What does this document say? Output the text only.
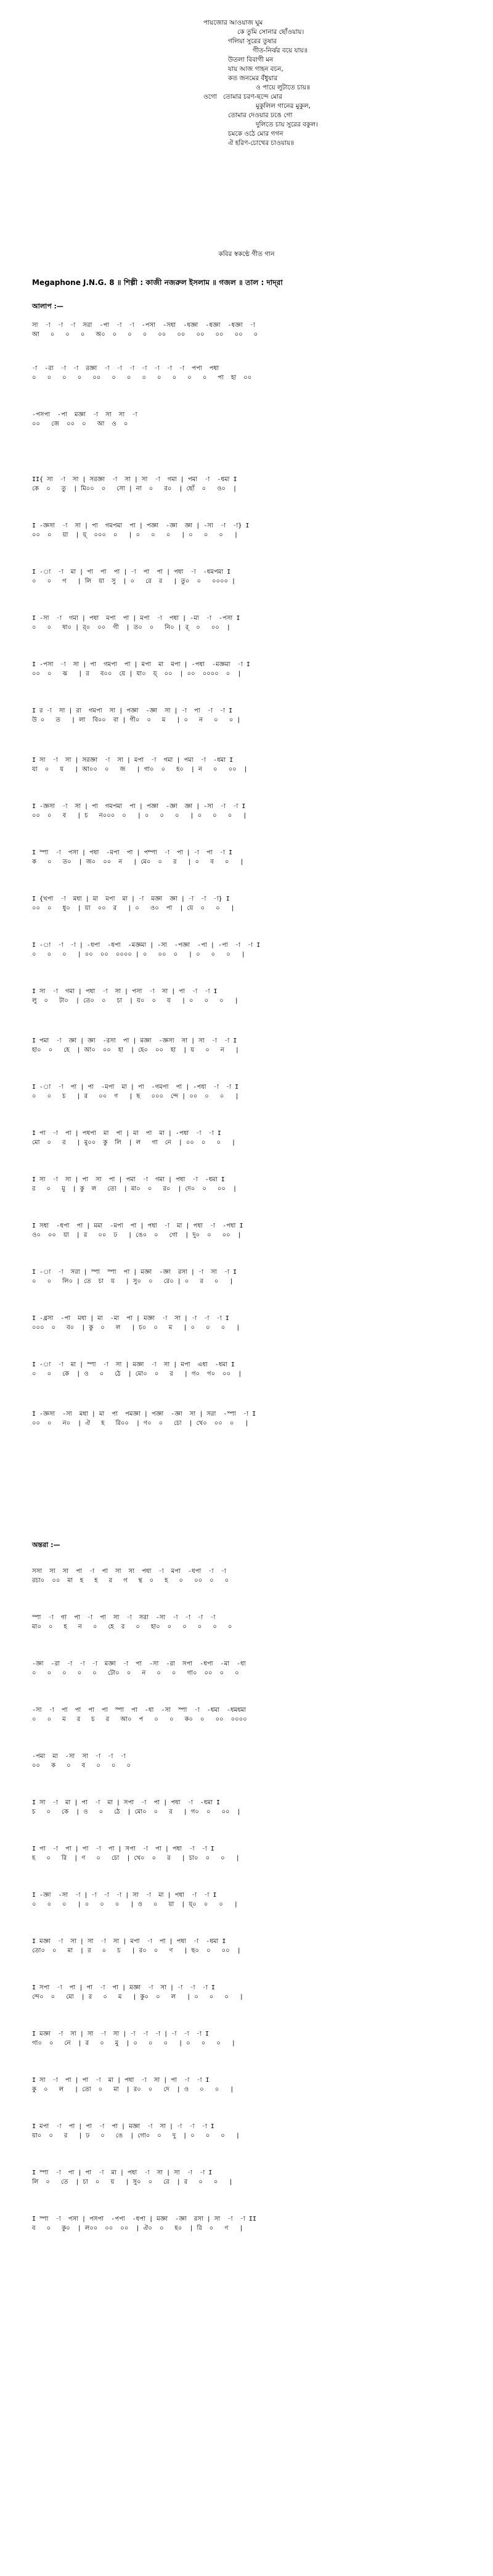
পায়জাের আওয়াজ ঘুম
কে তুমি সোনার ছোঁওয়ায়।
গলিয়া সুরের তুষার
গীত-নির্ঝর বয়ে যায়॥
উতলা বিবাগী মন
যায় আজ গাহন বচন,
কত জনমের বঁধুয়ার
ও পায়ে লুটাতে চায়॥
ওগো   তোমার চরণ-ছন্দে মোর
মুকুলিল গানের মুকুল,
তোমার দেওয়ার ঢঙে গো
দুলিতে চায় সুরের বকুল।
চমকে ওঠে মোর গগন
ঐ হরিণ-চোখের চাওয়ায়॥
কবির স্বকণ্ঠে গীত গান
Megaphone J.N.G. 8 ॥ শিল্পী : কাজী নজরুল ইসলাম ॥ গজল ॥ তাল : দাদ্‌রা
আলাপ :—
অন্তরা :—
সা  -া  -া  -া  সরা  -পা  -া  -া  -পসা  -সধা  -ধজ্ঞা  -ধজ্ঞা  -ধজ্ঞা  -া
আ   ০   ০   ০   অ০  ০   ০   ০   ০০   ০০   ০০   ০০   ০০   ০
-া  -রা  -া  -া  রজ্ঞা  -া  -া  -া  -া  -া  -া  -া  পপা  পধা
০   ০   ০   ০   ০০   ০   ০   ০   ০   ০   ০   ০   পা  হা  ০০
-পসপা  -পা  মজ্ঞা  -া  সা  সা  -া
০০   জে  ০০  ০   আ  ও  ০
II{ সা  -া  সা | সরজ্ঞা  -া  সা | সা  -া  গমা | পমা  -া  -ধমা I
কে  ০   তু  | মি০০  ০   সো | না  ০   র০  | ছোঁ  ০   ও০  |
I -জ্ঞসা  -া  সা | পা  গমপমা  পা | পজ্ঞা  -জ্ঞা  জ্ঞা | -সা  -া  -া} I
০০  ০   য়া  | য়্  ০০০  ০   | ০   ০   ০   | ০   ০   ০   |
I -া  -া  মা | পা  পা  পা | -া  পা  পা | পধা  -া  -ধমপমা I
০   ০   গ   | লি  য়া  সু  | ০   রে  র   | তু০  ০   ০০০০ |
I -সা  -া  গমা | পধা  মপা  পা | মপা  -া  পধা | -মা  -া  -পসা I
০   ০   ষা০ | র্০  ০০  গী  | ত০  ০   নি০ | র্  ০   ০০  |
I -পসা  -া  সা | পা  গমপা  পা | মপা  মা  মপা | -পধা  -মজ্ঞমা  -া I
০০  ০   ঝ   | র   ব০০  য়ে | যা০  য়্  ০০  | ০০  ০০০০  ০  |
I র -া  সা | রা  গমপা  সা | পজ্ঞা  -জ্ঞা  সা | -া  পা  -া  -া I
উ ০   ত   | লা  বি০০  বা | গী০  ০   ম   | ০   ন   ০   ০ |
I সা  -া  সা | সরজ্ঞা  -া  সা | মপা  -া  গমা | পমা  -া  -ধমা I
যা  ০   য়   | আ০০  ০   জ   | গা০  ০   হ০  | ন   ০   ০০  |
I -জ্ঞসা  -া  সা | পা  গমপমা  পা | পজ্ঞা  -জ্ঞা  জ্ঞা | -সা  -া  -া I
০০  ০   ব   | চ   ন০০০  ০   | ০   ০   ০   | ০   ০   ০   |
I স্পা  -া  পসা | পধা  -মপা  পা | পম্পা  -া  পা | -া  পা  -া I
ক   ০   ত০  | জ০  ০০  ন   | মে০  ০   র   | ০   ব   ০   |
I {খপা  -া  মধা | মা  মপা  মা | -া  মজ্ঞা  জ্ঞা | -া  -া  -া} I
০০  ০   ধু০  | য়া  ০০  র   | ০   ও০  পা  | য়ে  ০   ০   |
I -া  -া  -া | -ধপা  -ধপা  -মজ্ঞমা | -সা  -পজ্ঞা  -পা | -পা  -া  -া I
০   ০   ০   | ০০  ০০  ০০০০ | ০   ০০  ০   | ০   ০   ০   |
I সা  -া  গমা | পধা  -া  সা | পসা  -া  সা | পা  -া  -া I
লু  ০   টা০  | তে০  ০   চা  | য়০  ০   য়   | ০   ০   ০   |
I পমা  -া  জ্ঞা | জ্ঞা  -রসা  পা | মজ্ঞা  -জ্ঞসা  সা | সা  -া  -া I
হা০  ০   হে  | আ০  ০০  হা  | হে০  ০০  হা  | য়   ০   ন   |
I -া  -া  পা | পা  -মপা  মা | পা  -গমপা  পা | -পধা  -া  -া I
০   ০   চ   | র   ০০  ণ   | ছ   ০০০  ন্দে | ০০  ০   ০   |
I পা  -া  পা | পধপা  মা  পা | মা  পা  মা | -পধা  -া  -া I
মো  ০   র   | মু০০  কু  লি  | ল   গা  নে  | ০০  ০   ০   |
I সা  -া  সা | পা  সা  পা | পমা  -া  গমা | পধা  -া  -ধমা I
র   ০   মু  | কু  ল   তো  | মা০  ০   র০  | দে০  ০   ০০  |
I সধা  -ধপা  পা | মমা  -মপা  পা | পধা  -া  মা | পধা  -া  -পধা I
ও০  ০০  য়া  | র   ০০  ঢ   | ঙে০  ০   গো  | দু০  ০   ০০  |
I -া  -া  সরা | স্পা  স্পা  পা | মজ্ঞা  -জ্ঞা  রসা | -া  সা  -া I
০   ০   লি০ | তে  চা  য়   | সু০  ০   রে০ | ০   র   ০   |
I -ধ্রসা  -পা  মধা | মা  -মা  পা | মজ্ঞা  -া  সা | -া  -া  -া I
০০০  ০   ব০  | কু  ০   ল   | চ০  ০   ম   | ০   ০   ০   |
I -া  -া  মা | স্পা  -া  সা | মজ্ঞা  -া  সা | মপা  এধা  -ধমা I
০   ০   কে  | ও   ০   ঠে  | মো০  ০   র   | গ০  গ০  ০০  |
I -জ্ঞসা  -সা  মধা | মা  পা  পমজ্ঞা | পজ্ঞা  -জ্ঞা  সা | সরা  -স্পা  -া I
০০  ০   ন০  | ঐ   হ   রি০০  | ণ০  ০   চো  | খে০  ০০  ০   |
সসা  সা  সা  পা  -া  পা  সা  সা  পধা  -া  মপা  -ধপা  -া  -া
রচা০  ০০  মা  হ   হ   র   গ   ন্থ  ০   হ   ০   ০০  ০   ০
স্পা  -া  গা  পা  -া  পা  সা  -া  সরা  -সা  -া  -া  -া  -া
মা০  ০   হ   ন   ০   হে  র   ০   হা০  ০   ০   ০   ০   ০
-জ্ঞা  -রা  -া  -া  -া  মজ্ঞা  -া  পা  -সা  -রা  সপা  -ধপা  -মা  -ধা
০   ০   ০   ০   ০   টো০  ০   ন   ০   ০   গা০  ০০  ০   ০
-সা  -া  পা  পা  পা  পা  স্পা  পা  -ধা  -সা  স্পা  -া  -ধমা  -ধমধমা
০   ০   ম   র   চ   র   আ০  প   ০   ০   ক০  ০   ০০  ০০০০
-পমা  মা  -সা  সা  -া  -া  -া
০০   ক   ০   ব   ০   ০   ০
I সা  -া  মা | পা  -া  মা | সপা  -া  পা | পধা  -া  -ধমা I
চ   ০   কে  | ও   ০   ঠে  | মো০  ০   র   | গ০  ০   ০০  |
I পা  -া  পা | পা  -া  পা | সপা  -া  পা | পধা  -া  -া I
হ   ০   রি  | ণ   ০   চো  | খে০  ০   র   | চা০  ০   ০   |
I -জ্ঞা  -সা  -া | -া  -া  -া | সা  -া  মা | পধা  -া  -া I
০   ০   ০   | ০   ০   ০   | ও   ০   য়া  | য়্০  ০   ০   |
I মজ্ঞা  -া  সা | সা  -া  সা | মপা  -া  পা | পধা  -া  -ধমা I
তো০  ০   মা  | র   ০   চ   | র০  ০   ণ   | ছ০  ০   ০০  |
I সপা  -া  পা | পা  -া  পা | মজ্ঞা  -া  সা | -া  -া  -া I
ন্দে০  ০   মো  | র   ০   ম   | কু০  ০   ল   | ০   ০   ০   |
I মজ্ঞা  -া  সা | সা  -া  সা | -া  -া  -া | -া  -া  -া I
গা০  ০   নে  | র   ০   মু  | ০   ০   ০   | ০   ০   ০   |
I সা  -া  পা | পা  -া  মা | পধা  -া  সা | পা  -া  -া I
কু  ০   ল   | তো  ০   মা  | র০  ০   দে  | ও   ০   ০   |
I মপা  -া  পা | পা  -া  পা | মজ্ঞা  -া  সা | -া  -া  -া I
য়া০  ০   র   | ঢ   ০   ঙে  | গো০  ০   দু  | ০   ০   ০   |
I স্পা  -া  পা | পা  -া  মা | পধা  -া  সা | সা  -া  -া I
লি  ০   তে  | চা  ০   য়   | সু০  ০   রে  | র   ০   ০   |
I স্পা  -া  পসা | পসপা  -পপা  -ধপা | মজ্ঞা  -জ্ঞা  রসা | সা  -া  -া II
ব   ০   কু০  | ল০০  ০০  ০০  | ঐ০  ০   হ০  | রি  ০   ণ   |
